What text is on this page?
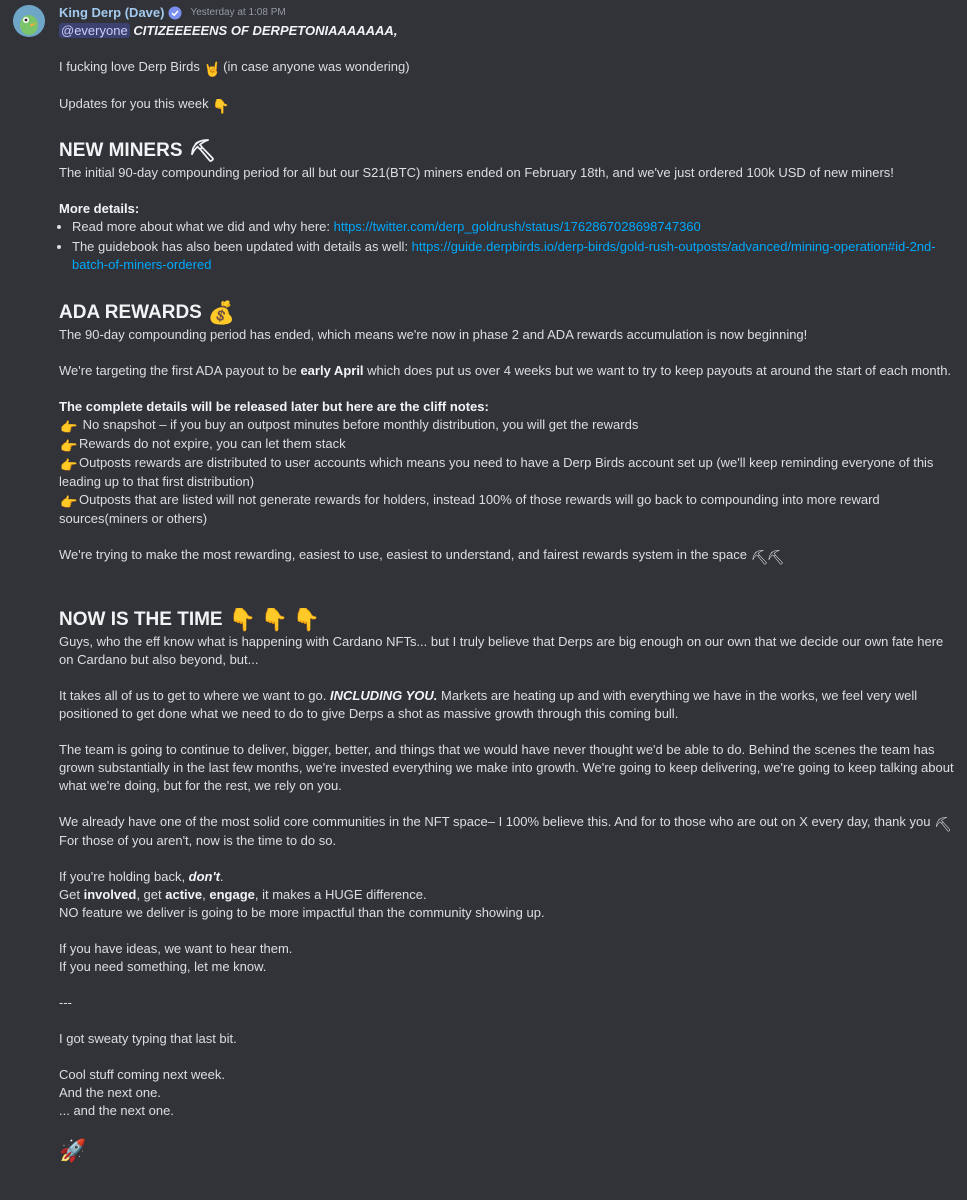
King Derp (Dave)	Yesterday at 1:08 PM

@everyone CITIZEEEEENS OF DERPETONIAAAAAAA,

I fucking love Derp Birds 🤘 (in case anyone was wondering)

Updates for you this week 👇

NEW MINERS ⛏

The initial 90-day compounding period for all but our S21(BTC) miners ended on February 18th, and we've just ordered 100k USD of new miners!

More details:

• Read more about what we did and why here: https://twitter.com/derp_goldrush/status/1762867028698747360
• The guidebook has also been updated with details as well: https://guide.derpbirds.io/derp-birds/gold-rush-outposts/advanced/mining-operation#id-2nd-batch-of-miners-ordered
ADA REWARDS 💰

The 90-day compounding period has ended, which means we're now in phase 2 and ADA rewards accumulation is now beginning!

We're targeting the first ADA payout to be early April which does put us over 4 weeks but we want to try to keep payouts at around the start of each month.

The complete details will be released later but here are the cliff notes:

👉 No snapshot – if you buy an outpost minutes before monthly distribution, you will get the rewards

👉Rewards do not expire, you can let them stack

👉Outposts rewards are distributed to user accounts which means you need to have a Derp Birds account set up (we'll keep reminding everyone of this leading up to that first distribution)

👉Outposts that are listed will not generate rewards for holders, instead 100% of those rewards will go back to compounding into more reward sources(miners or others)

We're trying to make the most rewarding, easiest to use, easiest to understand, and fairest rewards system in the space ⛏⛏

NOW IS THE TIME 👇 👇 👇

Guys, who the eff know what is happening with Cardano NFTs... but I truly believe that Derps are big enough on our own that we decide our own fate here on Cardano but also beyond, but...

It takes all of us to get to where we want to go. INCLUDING YOU. Markets are heating up and with everything we have in the works, we feel very well positioned to get done what we need to do to give Derps a shot as massive growth through this coming bull.

The team is going to continue to deliver, bigger, better, and things that we would have never thought we'd be able to do. Behind the scenes the team has grown substantially in the last few months, we're invested everything we make into growth. We're going to keep delivering, we're going to keep talking about what we're doing, but for the rest, we rely on you.

We already have one of the most solid core communities in the NFT space– I 100% believe this. And for to those who are out on X every day, thank you ⛏

For those of you aren't, now is the time to do so.

If you're holding back, don't.

Get involved, get active, engage, it makes a HUGE difference.

NO feature we deliver is going to be more impactful than the community showing up.

If you have ideas, we want to hear them.

If you need something, let me know.

---

I got sweaty typing that last bit.

Cool stuff coming next week.

And the next one.

... and the next one.

🚀
